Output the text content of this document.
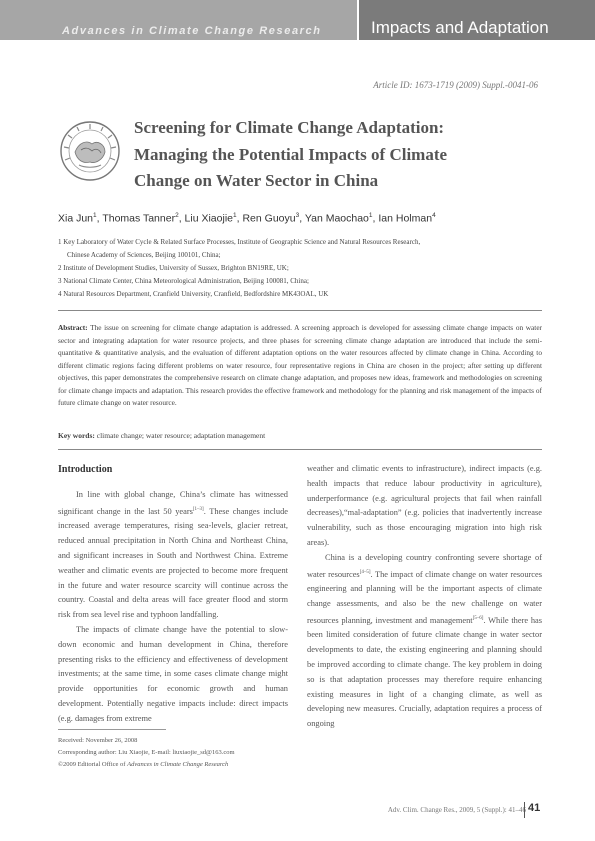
Advances in Climate Change Research	Impacts and Adaptation
Article ID: 1673-1719 (2009) Suppl.-0041-06
Screening for Climate Change Adaptation:
Managing the Potential Impacts of Climate
Change on Water Sector in China
Xia Jun$^1$, Thomas Tanner$^2$, Liu Xiaojie$^1$, Ren Guoyu$^3$, Yan Maochao$^1$, Ian Holman$^4$
1 Key Laboratory of Water Cycle & Related Surface Processes, Institute of Geographic Science and Natural Resources Research,
Chinese Academy of Sciences, Beijing 100101, China;
2 Institute of Development Studies, University of Sussex, Brighton BN19RE, UK;
3 National Climate Center, China Meteorological Administration, Beijing 100081, China;
4 Natural Resources Department, Cranfield University, Cranfield, Bedfordshire MK43OAL, UK
Abstract: The issue on screening for climate change adaptation is addressed. A screening approach is developed for assessing climate change impacts on water sector and integrating adaptation for water resource projects, and three phases for screening climate change adaptation are introduced that include the semi-quantitative & quantitative analysis, and the evaluation of different adaptation options on the water resources affected by climate change in China. According to different climatic regions facing different problems on water resource, four representative regions in China are chosen in the project; after setting up different objectives, this paper demonstrates the comprehensive research on climate change adaptation, and proposes new ideas, framework and methodologies on screening for climate change impacts and adaptation. This research provides the effective framework and methodology for the planning and risk management of the impacts of future climate change on water resource.
Key words: climate change; water resource; adaptation management
Introduction

In line with global change, China’s climate has witnessed significant change in the last 50 years[1–3]. These changes include increased average temperatures, rising sea-levels, glacier retreat, reduced annual precipitation in North China and Northeast China, and significant increases in South and Northwest China. Extreme weather and climatic events are projected to become more frequent in the future and water resource scarcity will continue across the country. Coastal and delta areas will face greater flood and storm risk from sea level rise and typhoon landfalling.

The impacts of climate change have the potential to slow-down economic and human development in China, therefore presenting risks to the efficiency and effectiveness of development investments; at the same time, in some cases climate change might provide opportunities for economic growth and human development. Potentially negative impacts include: direct impacts (e.g. damages from extreme

weather and climatic events to infrastructure), indirect impacts (e.g. health impacts that reduce labour productivity in agriculture), underperformance (e.g. agricultural projects that fail when rainfall decreases),“mal-adaptation” (e.g. policies that inadvertently increase vulnerability, such as those encouraging migration into high risk areas).

China is a developing country confronting severe shortage of water resources[4–5]. The impact of climate change on water resources engineering and planning will be the important aspects of climate change assessments, and also be the new challenge on water resources planning, investment and management[5–6]. While there has been limited consideration of future climate change in water sector developments to date, the existing engineering and planning should be improved according to climate change. The key problem in doing so is that adaptation processes may therefore require enhancing existing measures in light of a changing climate, as well as developing new measures. Crucially, adaptation requires a process of ongoing

Received: November 26, 2008
Corresponding author: Liu Xiaojie, E-mail: liuxiaojie_sd@163.com
©2009 Editorial Office of Advances in Climate Change Research
Adv. Clim. Change Res., 2009, 5 (Suppl.): 41–46 41
